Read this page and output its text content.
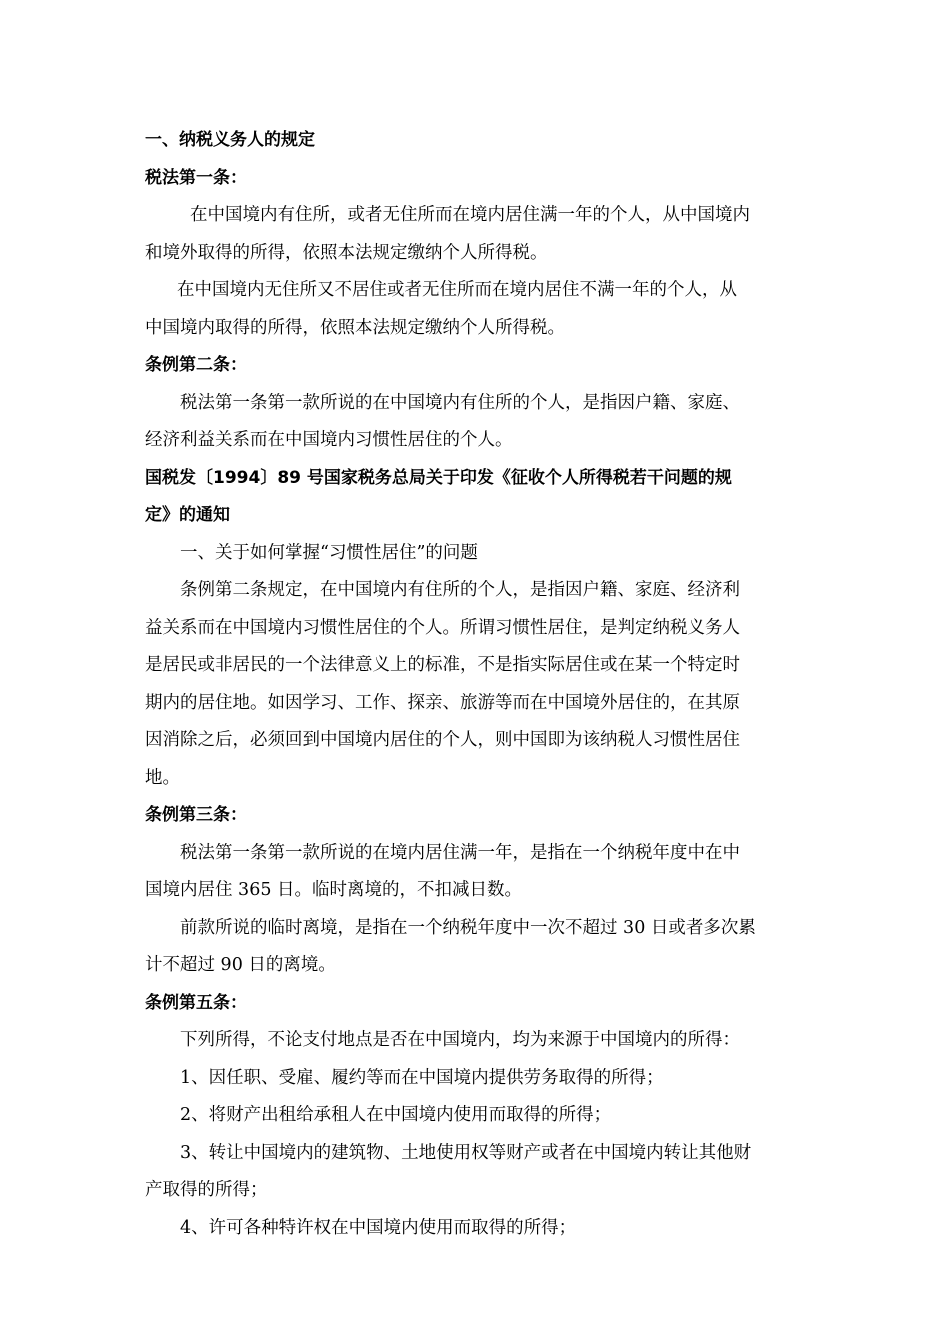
一、纳税义务人的规定

税法第一条：

在中国境内有住所，或者无住所而在境内居住满一年的个人，从中国境内

和境外取得的所得，依照本法规定缴纳个人所得税。

在中国境内无住所又不居住或者无住所而在境内居住不满一年的个人，从

中国境内取得的所得，依照本法规定缴纳个人所得税。

条例第二条：

税法第一条第一款所说的在中国境内有住所的个人，是指因户籍、家庭、

经济利益关系而在中国境内习惯性居住的个人。

国税发〔1994〕89 号国家税务总局关于印发《征收个人所得税若干问题的规

定》的通知

一、关于如何掌握“习惯性居住”的问题

条例第二条规定，在中国境内有住所的个人，是指因户籍、家庭、经济利

益关系而在中国境内习惯性居住的个人。所谓习惯性居住，是判定纳税义务人

是居民或非居民的一个法律意义上的标准，不是指实际居住或在某一个特定时

期内的居住地。如因学习、工作、探亲、旅游等而在中国境外居住的，在其原

因消除之后，必须回到中国境内居住的个人，则中国即为该纳税人习惯性居住

地。

条例第三条：

税法第一条第一款所说的在境内居住满一年，是指在一个纳税年度中在中

国境内居住 365 日。临时离境的，不扣减日数。

前款所说的临时离境，是指在一个纳税年度中一次不超过 30 日或者多次累

计不超过 90 日的离境。

条例第五条：

下列所得，不论支付地点是否在中国境内，均为来源于中国境内的所得：

1、因任职、受雇、履约等而在中国境内提供劳务取得的所得；

2、将财产出租给承租人在中国境内使用而取得的所得；

3、转让中国境内的建筑物、土地使用权等财产或者在中国境内转让其他财

产取得的所得；

4、许可各种特许权在中国境内使用而取得的所得；
